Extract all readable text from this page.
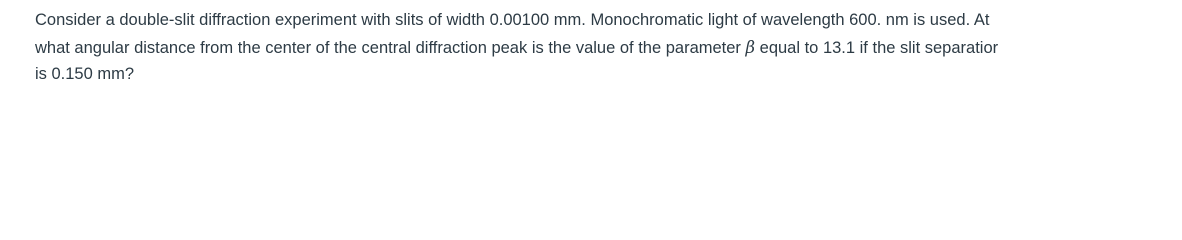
Consider a double-slit diffraction experiment with slits of width 0.00100 mm. Monochromatic light of wavelength 600. nm is used. At
what angular distance from the center of the central diffraction peak is the value of the parameter β equal to 13.1 if the slit separatior
is 0.150 mm?
